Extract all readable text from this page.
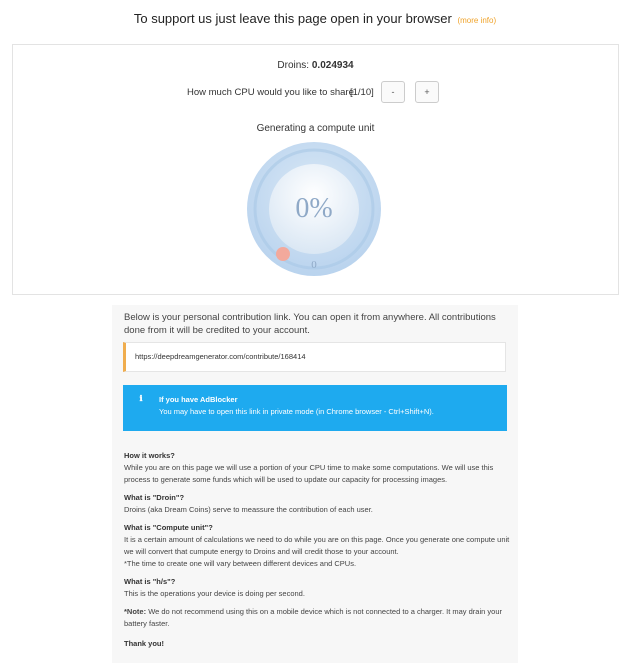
To support us just leave this page open in your browser (more info)
Droins: 0.024934
How much CPU would you like to share
[1/10]	-	+
Generating a compute unit
0%
0
Below is your personal contribution link. You can open it from anywhere. All contributions done from it will be credited to your account.
https://deepdreamgenerator.com/contribute/168414
ℹ	If you have AdBlocker
You may have to open this link in private mode (in Chrome browser - Ctrl+Shift+N).
How it works?

While you are on this page we will use a portion of your CPU time to make some computations. We will use this process to generate some funds which will be used to update our capacity for processing images.

What is "Droin"?

Droins (aka Dream Coins) serve to meassure the contribution of each user.

What is "Compute unit"?

It is a certain amount of calculations we need to do while you are on this page. Once you generate one compute unit we will convert that cumpute energy to Droins and will credit those to your account.

*The time to create one will vary between different devices and CPUs.

What is "h/s"?

This is the operations your device is doing per second.

*Note: We do not recommend using this on a mobile device which is not connected to a charger. It may drain your battery faster.

Thank you!
